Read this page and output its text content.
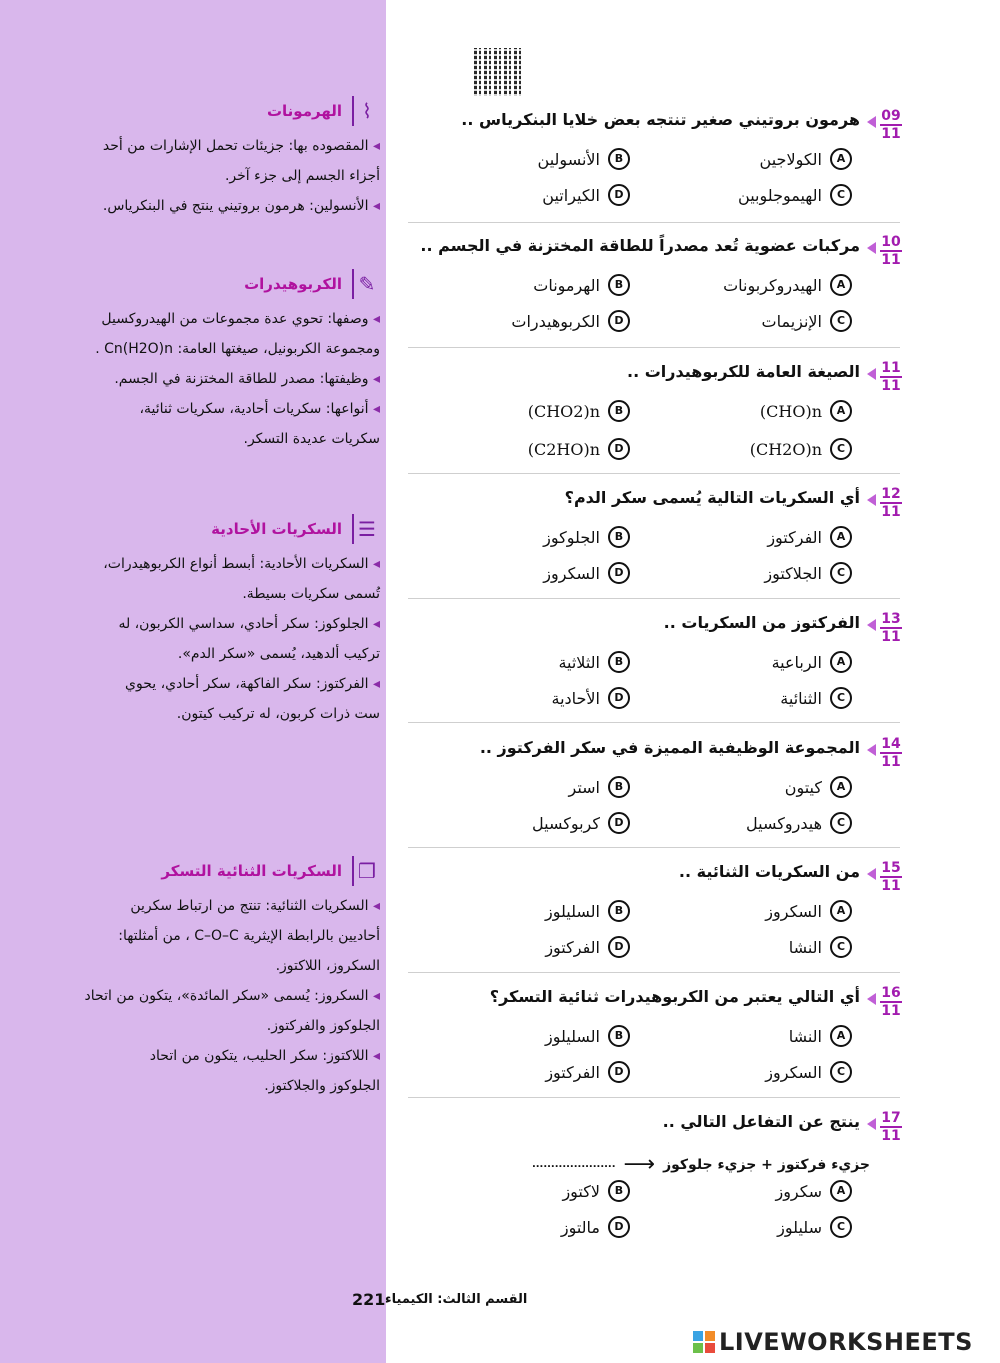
⌇
الهرمونات
◂ المقصوده بها: جزيئات تحمل الإشارات من أحد
أجزاء الجسم إلى جزء آخر.
◂ الأنسولين: هرمون بروتيني ينتج في البنكرياس.
✎
الكربوهيدرات
◂ وصفها: تحوي عدة مجموعات من الهيدروكسيل
ومجموعة الكربونيل، صيغتها العامة: Cn(H2O)n .
◂ وظيفتها: مصدر للطاقة المختزنة في الجسم.
◂ أنواعها: سكريات أحادية، سكريات ثنائية،
سكريات عديدة التسكر.
☰
السكريات الأحادية
◂ السكريات الأحادية: أبسط أنواع الكربوهيدرات،
تُسمى سكريات بسيطة.
◂ الجلوكوز: سكر أحادي، سداسي الكربون، له
تركيب ألدهيد، يُسمى «سكر الدم».
◂ الفركتوز: سكر الفاكهة، سكر أحادي، يحوي
ست ذرات كربون، له تركيب كيتون.
❒
السكريات الثنائية التسكر
◂ السكريات الثنائية: تنتج من ارتباط سكرين
أحاديين بالرابطة الإيثرية C–O–C ، من أمثلتها:
السكروز، اللاكتوز.
◂ السكروز: يُسمى «سكر المائدة»، يتكون من اتحاد
الجلوكوز والفركتوز.
◂ اللاكتوز: سكر الحليب، يتكون من اتحاد
الجلوكوز والجلاكتوز.
09
11
هرمون بروتيني صغير تنتجه بعض خلايا البنكرياس ..
A
الكولاجين
B
الأنسولين
C
الهيموجلوبين
D
الكيراتين
10
11
مركبات عضوية تُعد مصدراً للطاقة المختزنة في الجسم ..
A
الهيدروكربونات
B
الهرمونات
C
الإنزيمات
D
الكربوهيدرات
11
11
الصيغة العامة للكربوهيدرات ..
A
(CHO)n
B
(CHO2)n
C
(CH2O)n
D
(C2HO)n
12
11
أي السكريات التالية يُسمى سكر الدم؟
A
الفركتوز
B
الجلوكوز
C
الجلاكتوز
D
السكروز
13
11
الفركتوز من السكريات ..
A
الرباعية
B
الثلاثية
C
الثنائية
D
الأحادية
14
11
المجموعة الوظيفية المميزة في سكر الفركتوز ..
A
كيتون
B
استر
C
هيدروكسيل
D
كربوكسيل
15
11
من السكريات الثنائية ..
A
السكروز
B
السليلوز
C
النشا
D
الفركتوز
16
11
أي التالي يعتبر من الكربوهيدرات ثنائية التسكر؟
A
النشا
B
السليلوز
C
السكروز
D
الفركتوز
17
11
ينتج عن التفاعل التالي ..
جزيء فركتوز + جزيء جلوكوز
⟶
......................
A
سكروز
B
لاكتوز
C
سليلوز
D
مالتوز
221 القسم الثالث: الكيمياء
LIVEWORKSHEETS
